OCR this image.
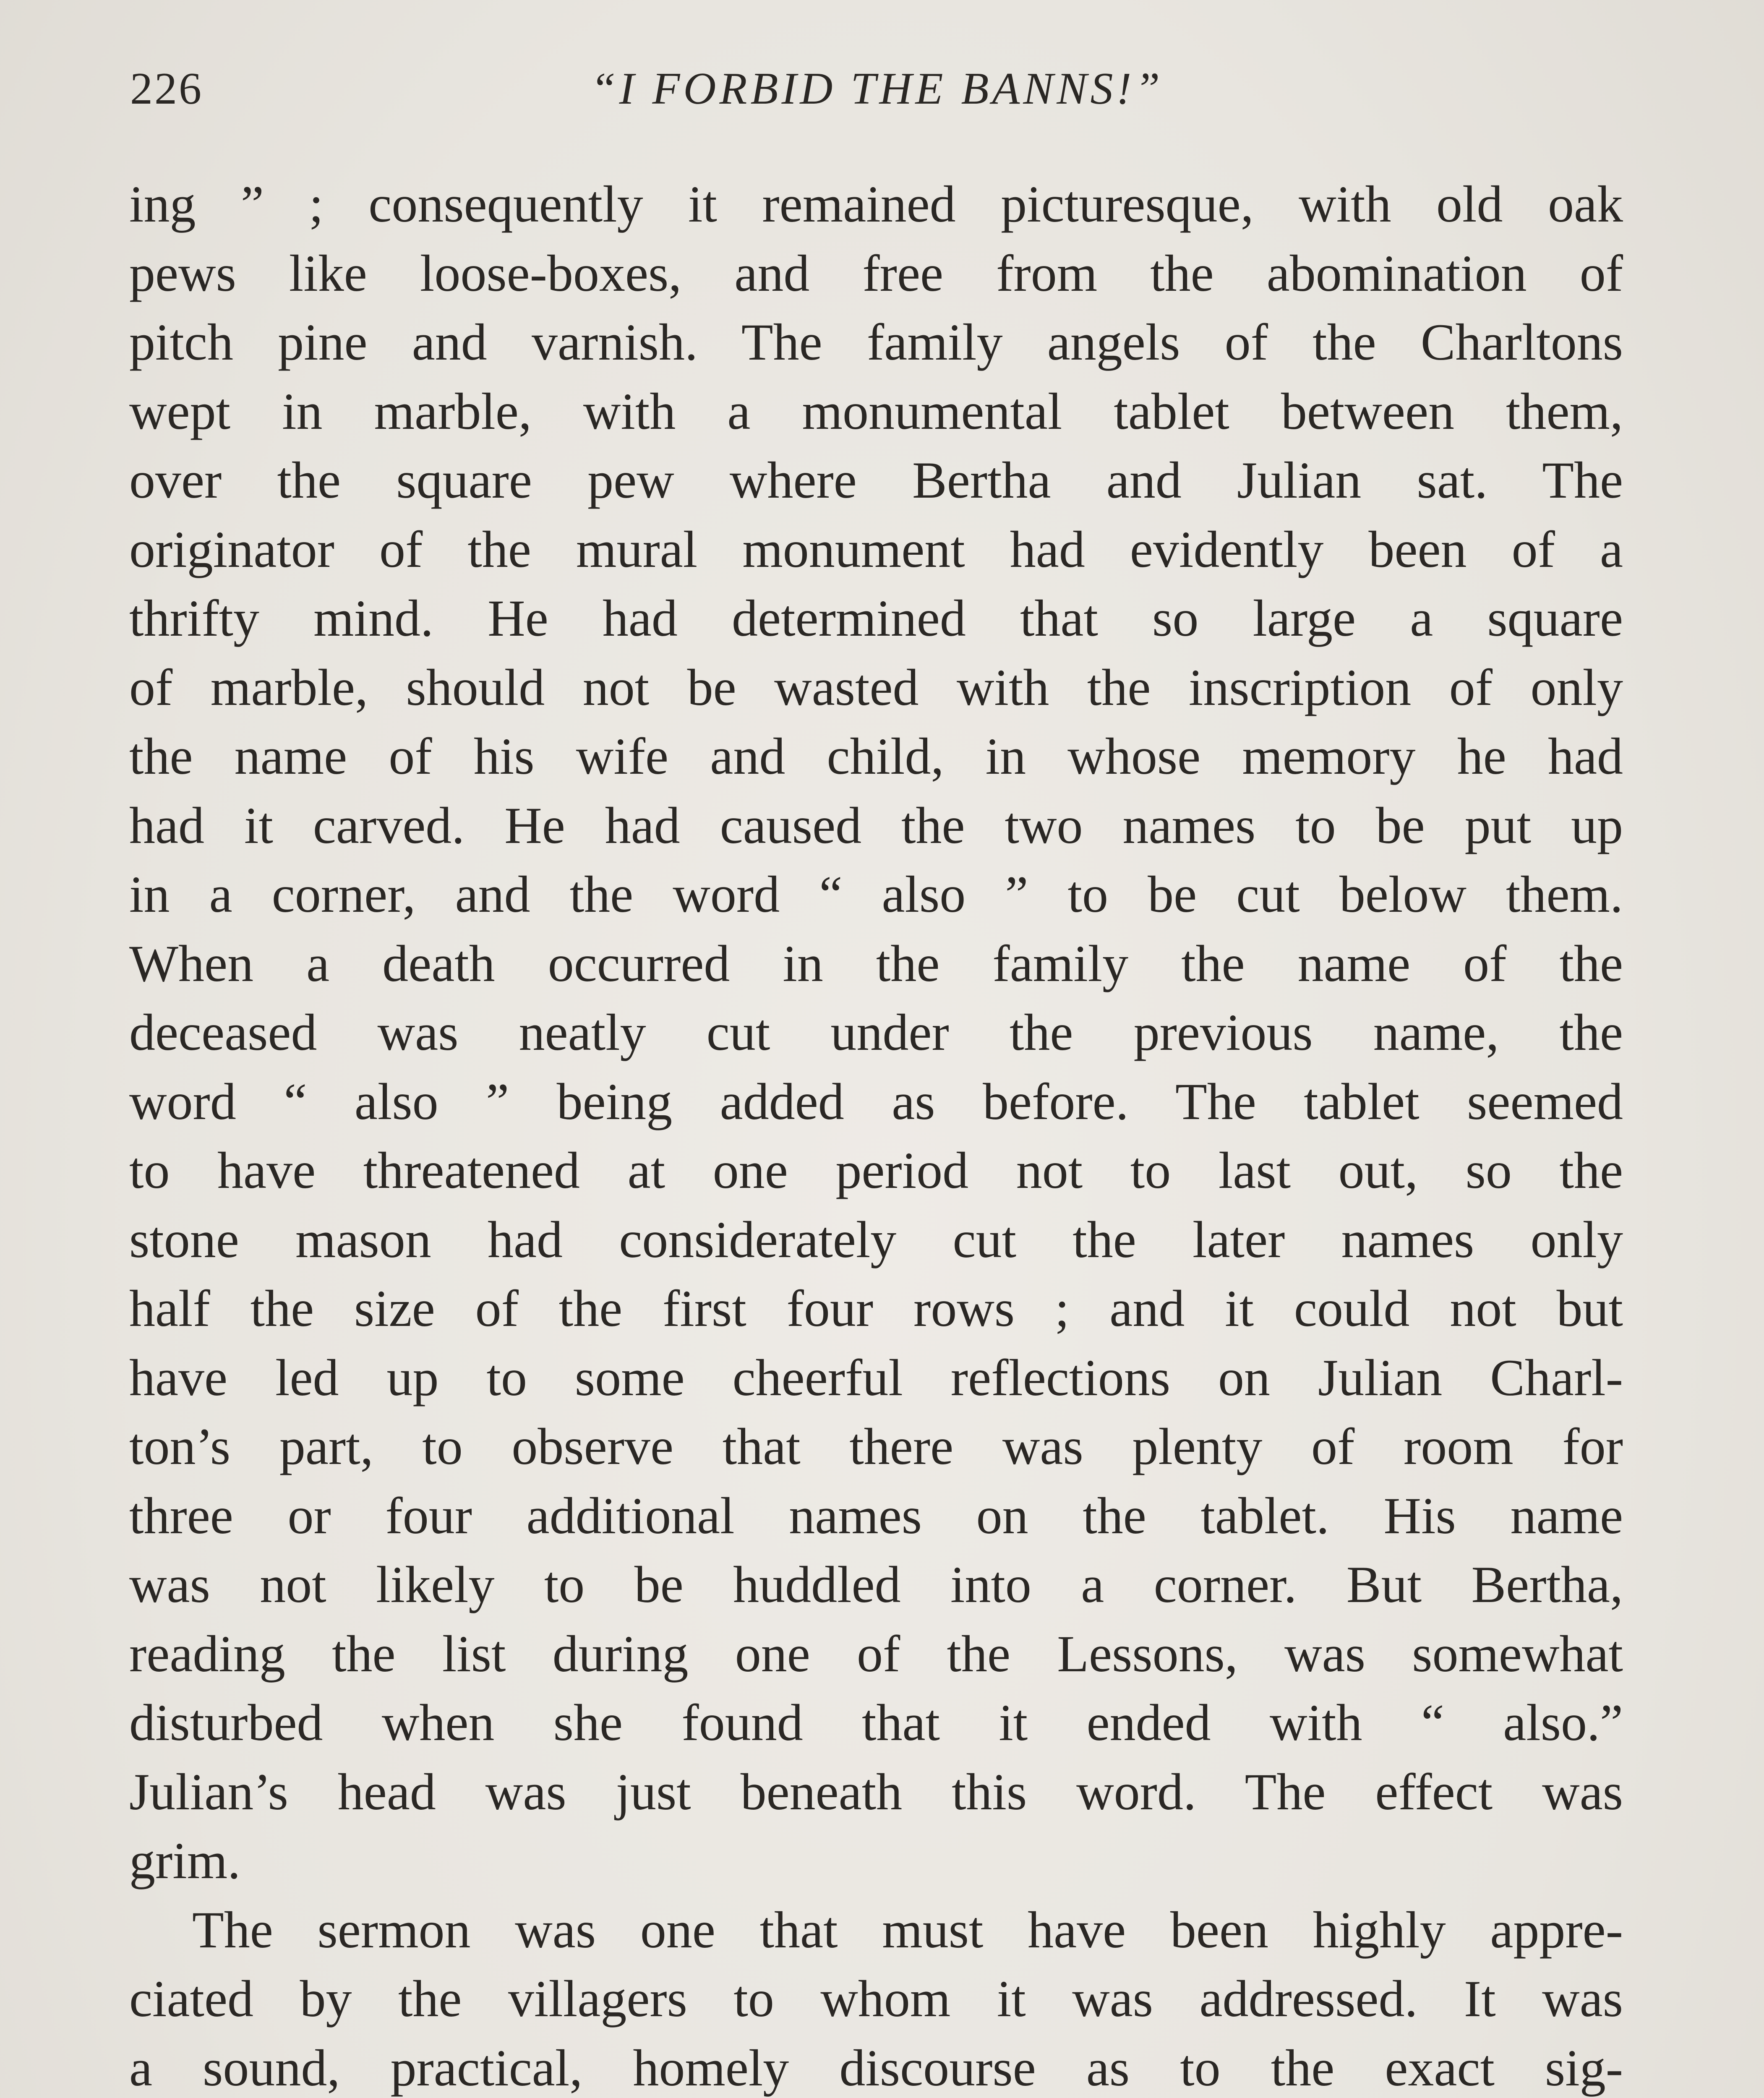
226	“I FORBID THE BANNS!”
ing ” ; consequently it remained picturesque, with old oak
pews like loose-boxes, and free from the abomination of
pitch pine and varnish. The family angels of the Charltons
wept in marble, with a monumental tablet between them,
over the square pew where Bertha and Julian sat. The
originator of the mural monument had evidently been of a
thrifty mind. He had determined that so large a square
of marble, should not be wasted with the inscription of only
the name of his wife and child, in whose memory he had
had it carved. He had caused the two names to be put up
in a corner, and the word “ also ” to be cut below them.
When a death occurred in the family the name of the
deceased was neatly cut under the previous name, the
word “ also ” being added as before. The tablet seemed
to have threatened at one period not to last out, so the
stone mason had considerately cut the later names only
half the size of the first four rows ; and it could not but
have led up to some cheerful reflections on Julian Charl-
ton’s part, to observe that there was plenty of room for
three or four additional names on the tablet. His name
was not likely to be huddled into a corner. But Bertha,
reading the list during one of the Lessons, was somewhat
disturbed when she found that it ended with “ also.”
Julian’s head was just beneath this word. The effect was
grim.
The sermon was one that must have been highly appre-
ciated by the villagers to whom it was addressed. It was
a sound, practical, homely discourse as to the exact sig-
